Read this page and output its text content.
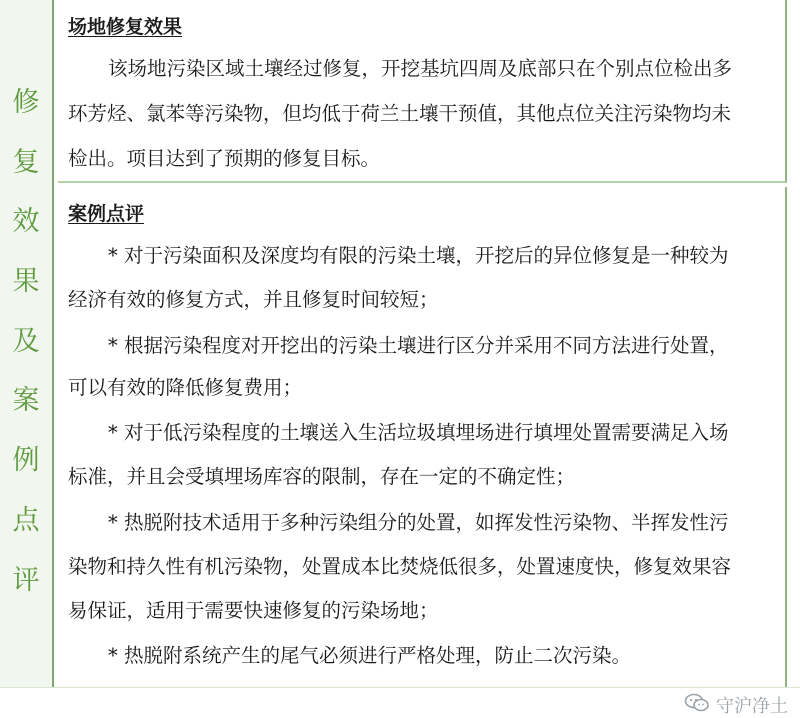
修
复
效
果
及
案
例
点
评
场地修复效果
该场地污染区域土壤经过修复，开挖基坑四周及底部只在个别点位检出多
环芳烃、氯苯等污染物，但均低于荷兰土壤干预值，其他点位关注污染物均未
检出。项目达到了预期的修复目标。
案例点评
* 对于污染面积及深度均有限的污染土壤，开挖后的异位修复是一种较为
经济有效的修复方式，并且修复时间较短；
* 根据污染程度对开挖出的污染土壤进行区分并采用不同方法进行处置，
可以有效的降低修复费用；
* 对于低污染程度的土壤送入生活垃圾填埋场进行填埋处置需要满足入场
标准，并且会受填埋场库容的限制，存在一定的不确定性；
* 热脱附技术适用于多种污染组分的处置，如挥发性污染物、半挥发性污
染物和持久性有机污染物，处置成本比焚烧低很多，处置速度快，修复效果容
易保证，适用于需要快速修复的污染场地；
* 热脱附系统产生的尾气必须进行严格处理，防止二次污染。
守沪净土
